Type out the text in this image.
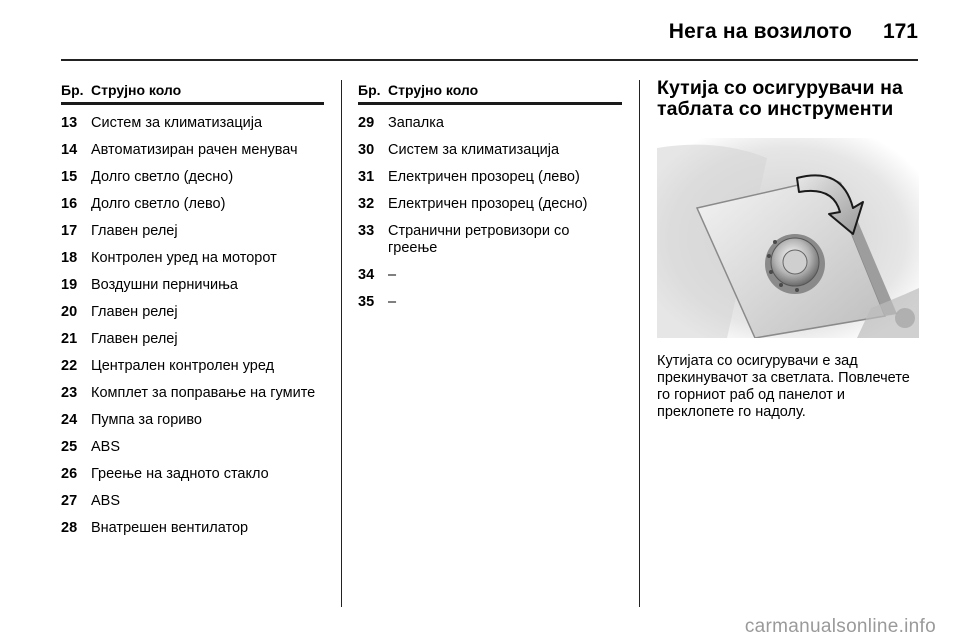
Нега на возилото 171
Бр. Струјно коло
13 Систем за климатизација
14 Автоматизиран рачен менувач
15 Долго светло (десно)
16 Долго светло (лево)
17 Главен релеј
18 Контролен уред на моторот
19 Воздушни перничиња
20 Главен релеј
21 Главен релеј
22 Централен контролен уред
23 Комплет за поправање на гумите
24 Пумпа за гориво
25 ABS
26 Греење на задното стакло
27 ABS
28 Внатрешен вентилатор
Бр. Струјно коло
29 Запалка
30 Систем за климатизација
31 Електричен прозорец (лево)
32 Електричен прозорец (десно)
33 Странични ретровизори со греење
34 –
35 –
Кутија со осигурувачи на таблата со инструменти
Кутијата со осигурувачи е зад прекинувачот за светлата. Повлечете го горниот раб од панелот и преклопете го надолу.
carmanualsonline.info
